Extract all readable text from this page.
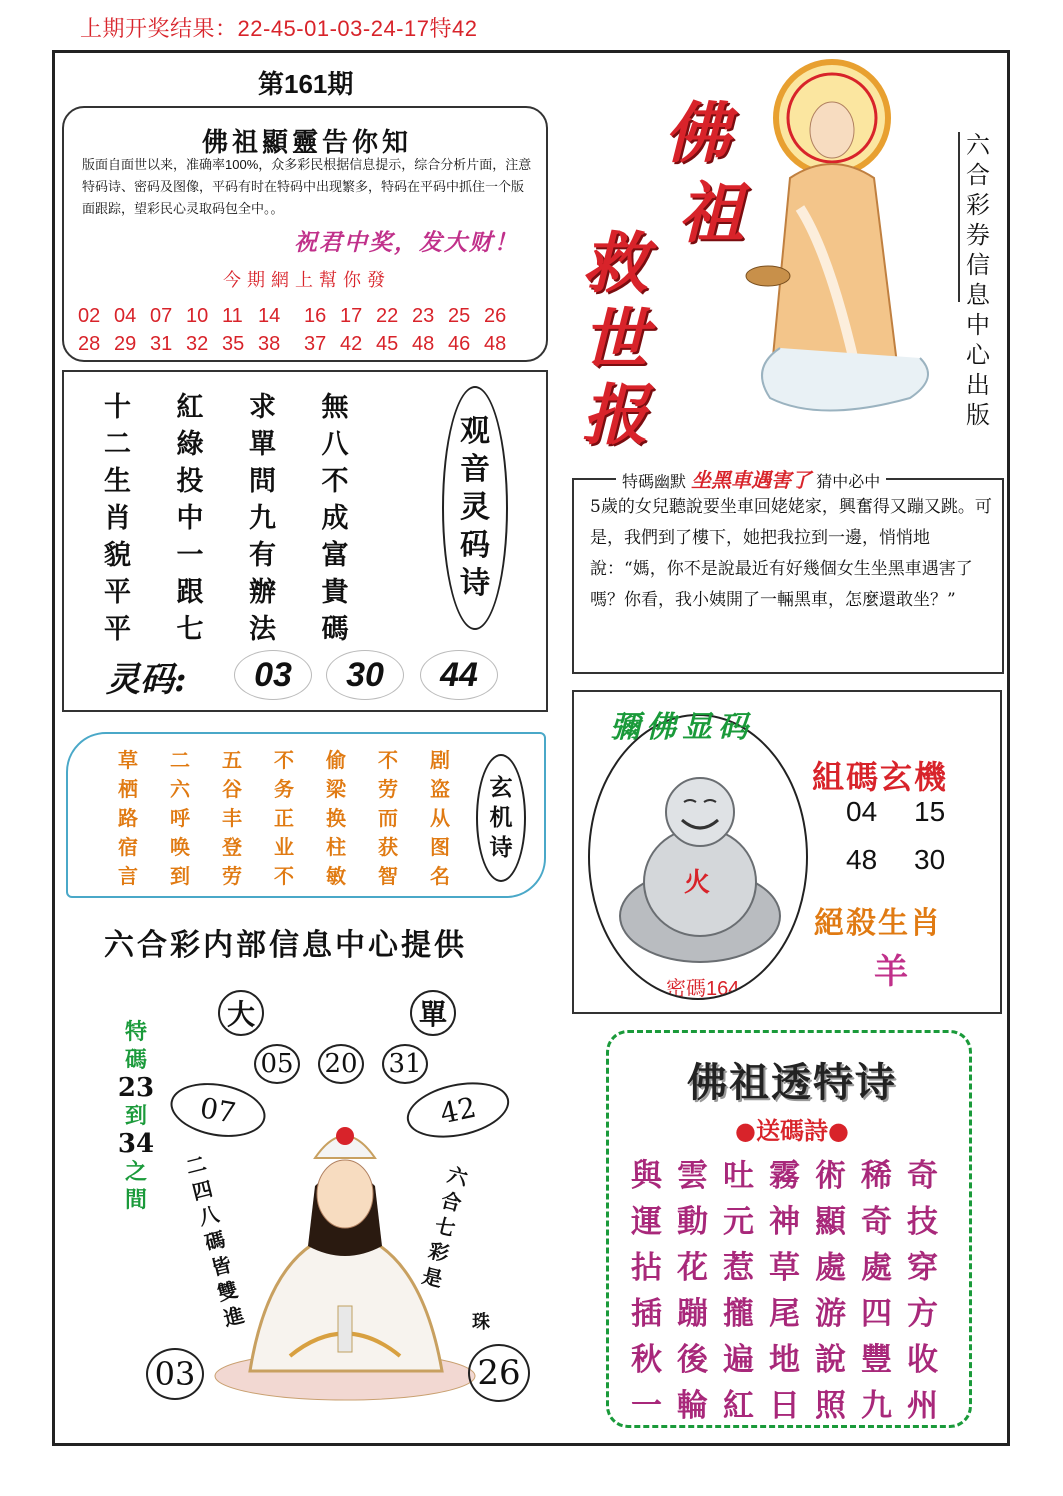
上期开奖结果：22-45-01-03-24-17特42
第161期
佛祖顯靈告你知
版面自面世以来，准确率100%，众多彩民根据信息提示，综合分析片面，注意特码诗、密码及图像，平码有时在特码中出现繁多，特码在平码中抓住一个版面跟踪，望彩民心灵取码包全中。。
祝君中奖，发大财！
今期網上幫你發
02 04 07 10 11 14	16 17 22 23 25 26
28 29 31 32 35 38	37 42 45 48 46 48
十	紅	求	無
二	綠	單	八
生	投	問	不
肖	中	九	成
貌	一	有	富
平	跟	辦	貴
平	七	法	碼
观
音
灵
码
诗
灵码:	03	30	44
草	二	五	不	偷	不	剧
栖	六	谷	务	梁	劳	盗
路	呼	丰	正	换	而	从
宿	唤	登	业	柱	获	图
言	到	劳	不	敏	智	名
玄
机
诗
六合彩内部信息中心提供
特
碼
23
到
34
之
間
大	單
05 20 31
07	42
二
四
八
碼
皆
雙
進
六
合
七
彩
是
珠
03	26
佛
祖
救
世
报
六
合
彩
券
信
息
中
心
出
版
5歲的女兒聽說要坐車回姥姥家，興奮得又蹦又跳。可是，我們到了樓下，她把我拉到一邊，悄悄地說：“媽，你不是說最近有好幾個女生坐黑車遇害了嗎？你看，我小姨開了一輛黑車，怎麼還敢坐？”
特碼幽默 坐黑車遇害了 猜中必中
火
密碼164
彌佛显码
組碼玄機
04 15
48 30
絕殺生肖
羊
佛祖透特诗
●送碼詩●
與 雲 吐 霧 術 稀 奇
運 動 元 神 顯 奇 技
拈 花 惹 草 處 處 穿
插 蹦 攏 尾 游 四 方
秋 後 遍 地 說 豐 收
一 輪 紅 日 照 九 州
